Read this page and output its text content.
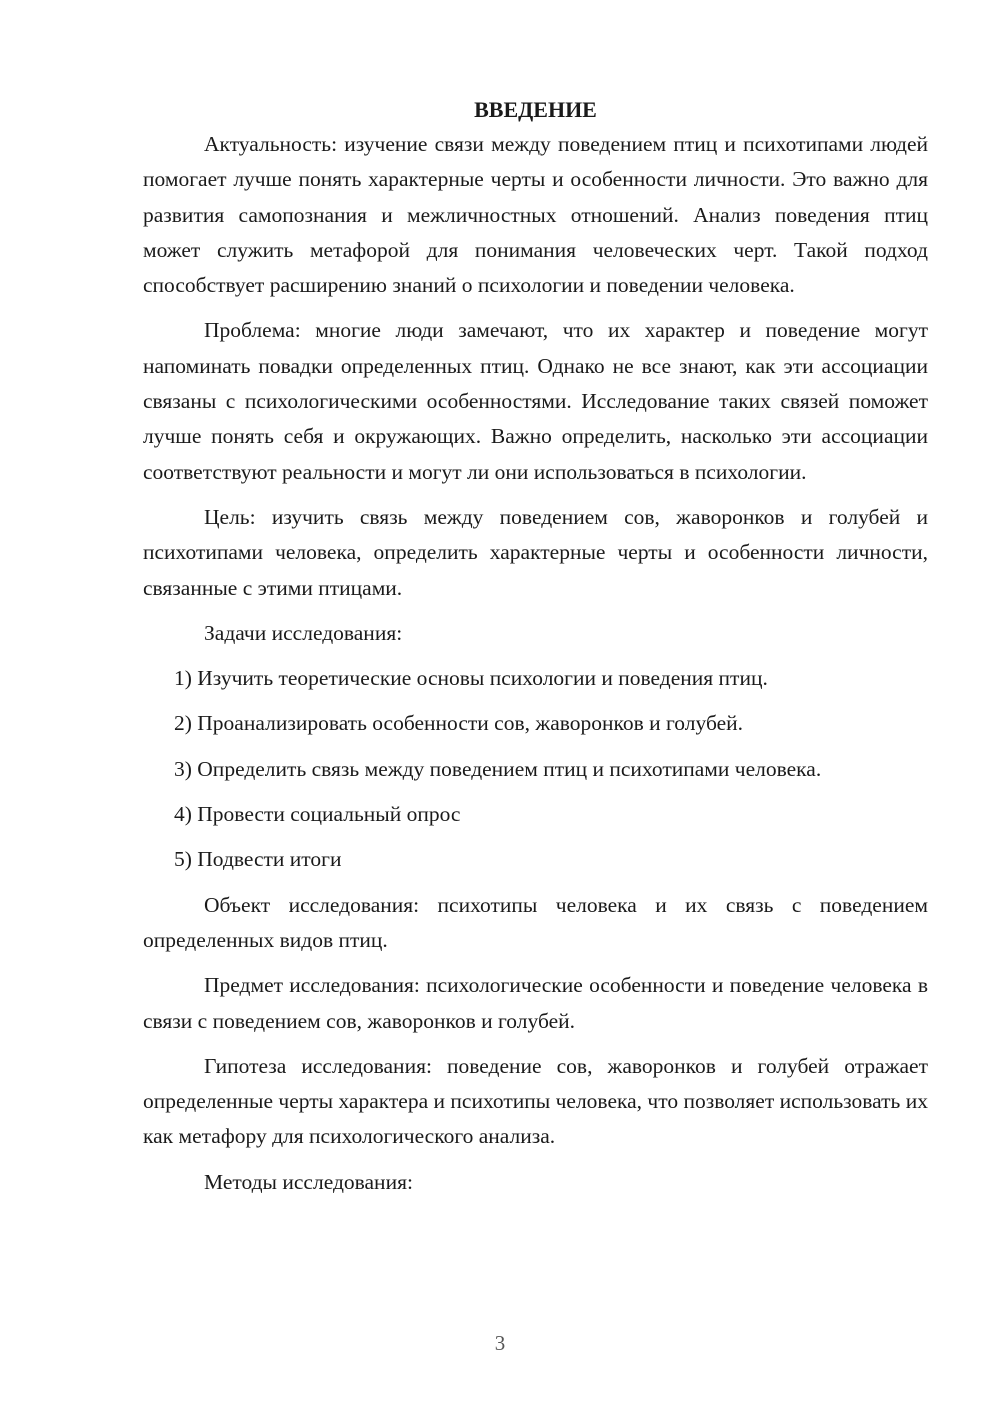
ВВЕДЕНИЕ

Актуальность: изучение связи между поведением птиц и психотипами людей помогает лучше понять характерные черты и особенности личности. Это важно для развития самопознания и межличностных отношений. Анализ поведения птиц может служить метафорой для понимания человеческих черт. Такой подход способствует расширению знаний о психологии и поведении человека.

Проблема: многие люди замечают, что их характер и поведение могут напоминать повадки определенных птиц. Однако не все знают, как эти ассоциации связаны с психологическими особенностями. Исследование таких связей поможет лучше понять себя и окружающих. Важно определить, насколько эти ассоциации соответствуют реальности и могут ли они использоваться в психологии.

Цель: изучить связь между поведением сов, жаворонков и голубей и психотипами человека, определить характерные черты и особенности личности, связанные с этими птицами.

Задачи исследования:

1) Изучить теоретические основы психологии и поведения птиц.
2) Проанализировать особенности сов, жаворонков и голубей.
3) Определить связь между поведением птиц и психотипами человека.
4) Провести социальный опрос
5) Подвести итоги

Объект исследования: психотипы человека и их связь с поведением определенных видов птиц.

Предмет исследования: психологические особенности и поведение человека в связи с поведением сов, жаворонков и голубей.

Гипотеза исследования: поведение сов, жаворонков и голубей отражает определенные черты характера и психотипы человека, что позволяет использовать их как метафору для психологического анализа.

Методы исследования:

3
